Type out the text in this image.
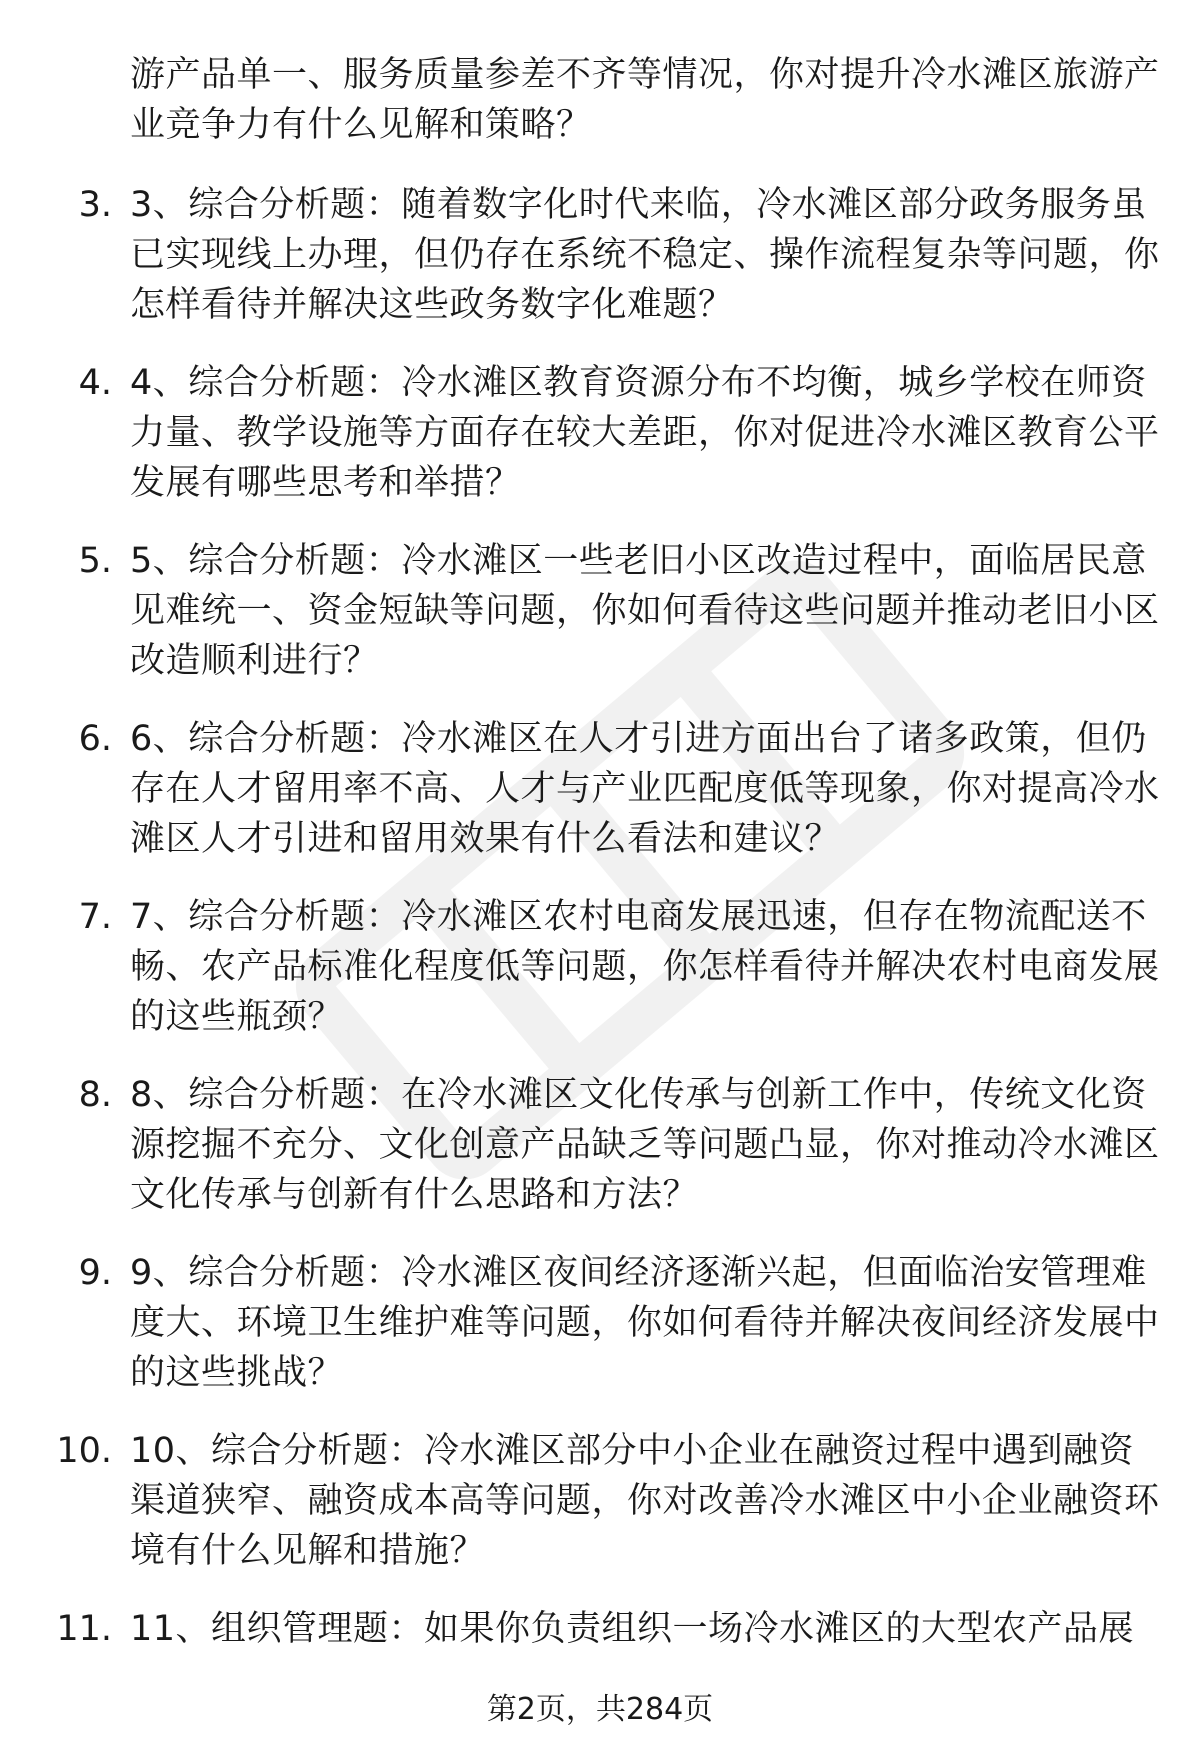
游产品单一、服务质量参差不齐等情况，你对提升冷水滩区旅游产业竞争力有什么见解和策略？
3. 3、综合分析题：随着数字化时代来临，冷水滩区部分政务服务虽已实现线上办理，但仍存在系统不稳定、操作流程复杂等问题，你怎样看待并解决这些政务数字化难题？
4. 4、综合分析题：冷水滩区教育资源分布不均衡，城乡学校在师资力量、教学设施等方面存在较大差距，你对促进冷水滩区教育公平发展有哪些思考和举措？
5. 5、综合分析题：冷水滩区一些老旧小区改造过程中，面临居民意见难统一、资金短缺等问题，你如何看待这些问题并推动老旧小区改造顺利进行？
6. 6、综合分析题：冷水滩区在人才引进方面出台了诸多政策，但仍存在人才留用率不高、人才与产业匹配度低等现象，你对提高冷水滩区人才引进和留用效果有什么看法和建议？
7. 7、综合分析题：冷水滩区农村电商发展迅速，但存在物流配送不畅、农产品标准化程度低等问题，你怎样看待并解决农村电商发展的这些瓶颈？
8. 8、综合分析题：在冷水滩区文化传承与创新工作中，传统文化资源挖掘不充分、文化创意产品缺乏等问题凸显，你对推动冷水滩区文化传承与创新有什么思路和方法？
9. 9、综合分析题：冷水滩区夜间经济逐渐兴起，但面临治安管理难度大、环境卫生维护难等问题，你如何看待并解决夜间经济发展中的这些挑战？
10. 10、综合分析题：冷水滩区部分中小企业在融资过程中遇到融资渠道狭窄、融资成本高等问题，你对改善冷水滩区中小企业融资环境有什么见解和措施？
11. 11、组织管理题：如果你负责组织一场冷水滩区的大型农产品展
第2页，共284页
